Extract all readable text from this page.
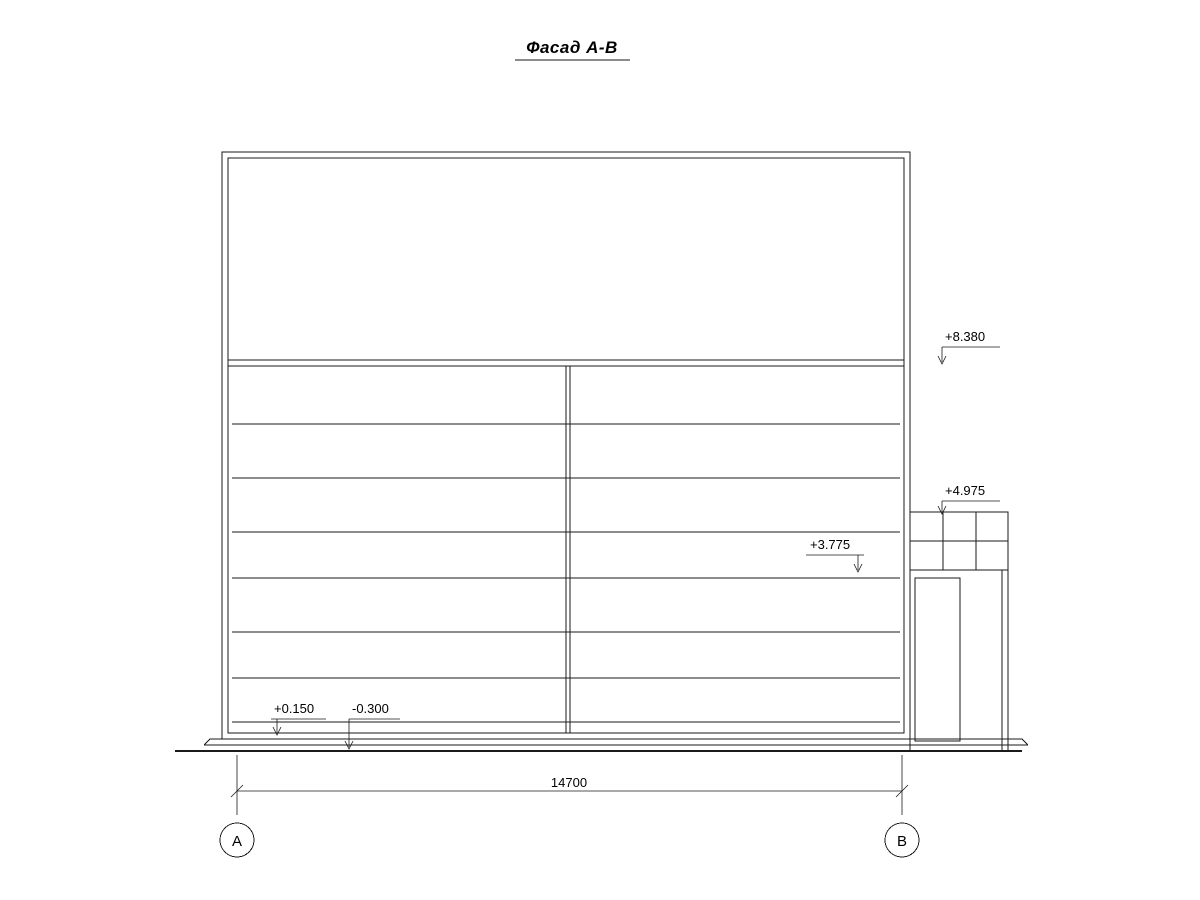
Фасад А-В
+8.380
+4.975
+3.775
+0.150	-0.300
14700
А	В
